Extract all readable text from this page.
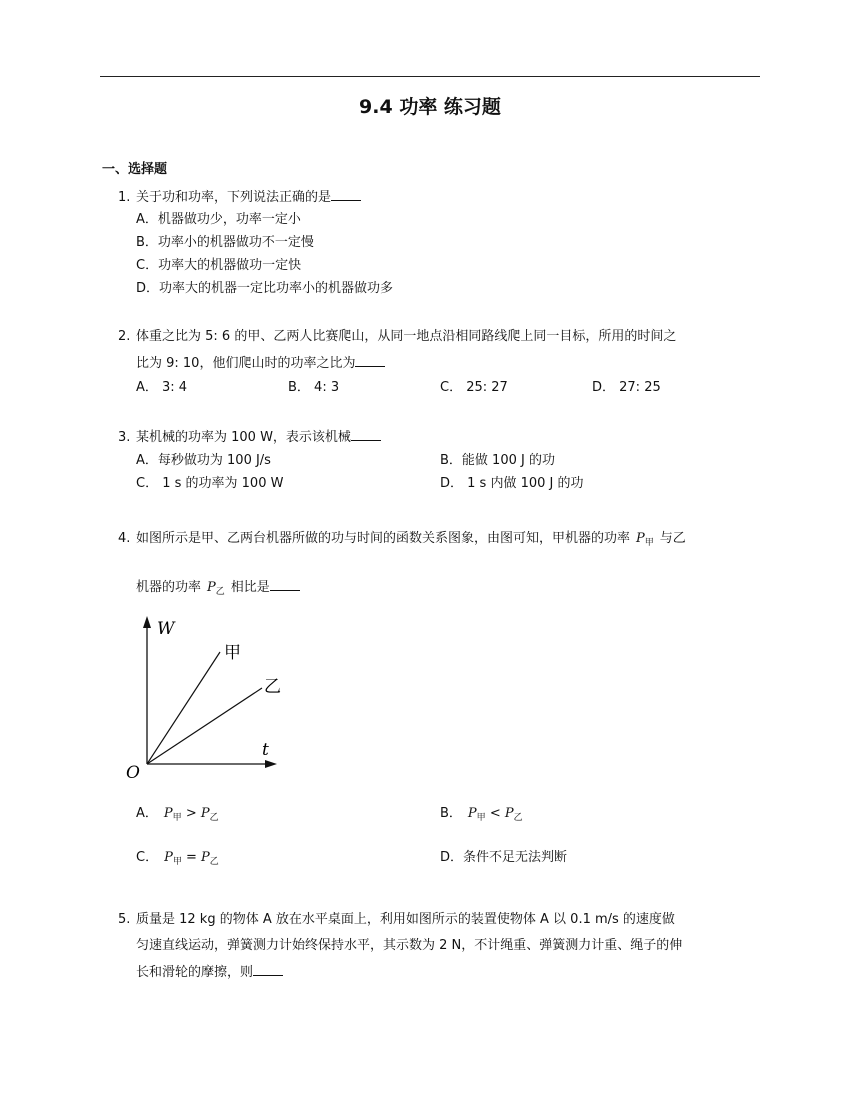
9.4 功率 练习题
一、选择题
1. 关于功和功率，下列说法正确的是
A．机器做功少，功率一定小
B．功率小的机器做功不一定慢
C．功率大的机器做功一定快
D．功率大的机器一定比功率小的机器做功多
2. 体重之比为 5: 6 的甲、乙两人比赛爬山，从同一地点沿相同路线爬上同一目标，所用的时间之
比为 9: 10，他们爬山时的功率之比为
A． 3: 4	B． 4: 3	C． 25: 27	D． 27: 25
3. 某机械的功率为 100 W，表示该机械
A．每秒做功为 100 J/s	B．能做 100 J 的功
C． 1 s 的功率为 100 W	D． 1 s 内做 100 J 的功
4. 如图所示是甲、乙两台机器所做的功与时间的函数关系图象，由图可知，甲机器的功率 $P_甲$ 与乙
机器的功率 $P_乙$ 相比是
W
t
O
甲
乙
A． $P_甲 > P_乙$	B． $P_甲 < P_乙$
C． $P_甲 = P_乙$	D．条件不足无法判断
5. 质量是 12 kg 的物体 A 放在水平桌面上，利用如图所示的装置使物体 A 以 0.1 m/s 的速度做
匀速直线运动，弹簧测力计始终保持水平，其示数为 2 N，不计绳重、弹簧测力计重、绳子的伸
长和滑轮的摩擦，则
